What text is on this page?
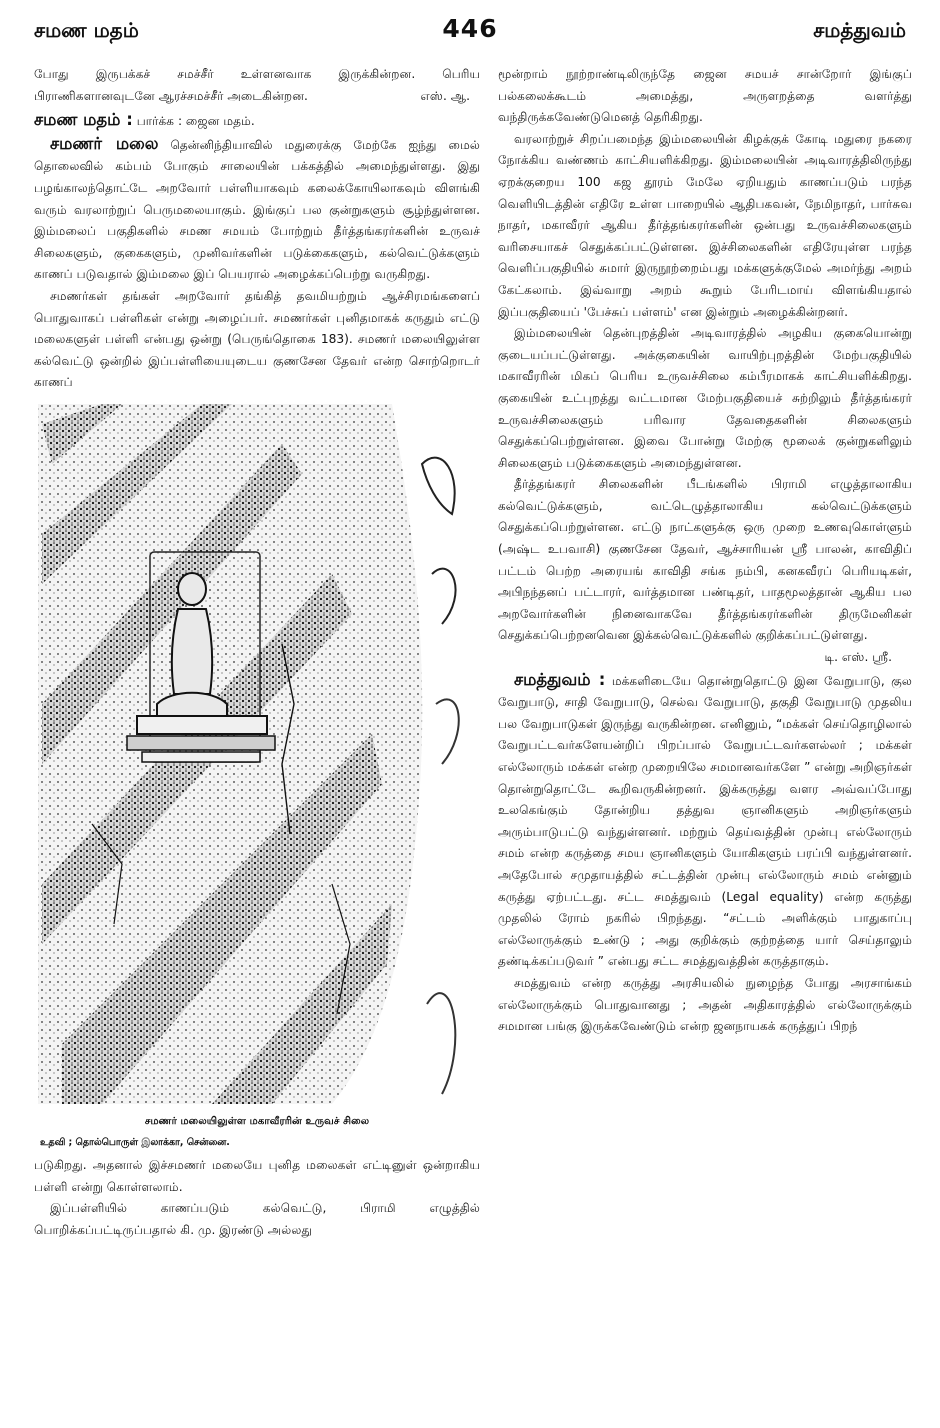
சமண மதம்	446	சமத்துவம்

போது இருபக்கச் சமச்சீர் உள்ளனவாக இருக்கின்றன. பெரிய பிராணிகளானவுடனே ஆரச்சமச்சீர் அடைகின்றன.	எஸ். ஆ.

சமண மதம் : பார்க்க : ஜைன மதம்.

சமணர் மலை தென்னிந்தியாவில் மதுரைக்கு மேற்கே ஐந்து மைல் தொலைவில் கம்பம் போகும் சாலையின் பக்கத்தில் அமைந்துள்ளது. இது பழங்காலந்தொட்டே அறவோர் பள்ளியாகவும் கலைக்கோயிலாகவும் விளங்கி வரும் வரலாற்றுப் பெருமலையாகும். இங்குப் பல குன்றுகளும் சூழ்ந்துள்ளன. இம்மலைப் பகுதிகளில் சமண சமயம் போற்றும் தீர்த்தங்கரர்களின் உருவச் சிலைகளும், குகைகளும், முனிவர்களின் படுக்கைகளும், கல்வெட்டுக்களும் காணப் படுவதால் இம்மலை இப் பெயரால் அழைக்கப்பெற்று வருகிறது.

சமணர்கள் தங்கள் அறவோர் தங்கித் தவமியற்றும் ஆச்சிரமங்களைப் பொதுவாகப் பள்ளிகள் என்று அழைப்பர். சமணர்கள் புனிதமாகக் கருதும் எட்டு மலைகளுள் பள்ளி என்பது ஒன்று (பெருங்தொகை 183). சமணர் மலையிலுள்ள கல்வெட்டு ஒன்றில் இப்பள்ளியையுடைய குணசேன தேவர் என்ற சொற்றொடர் காணப்

சமணர் மலையிலுள்ள மகாவீரரின் உருவச் சிலை
உதவி ; தொல்பொருள் இலாக்கா, சென்னை.

படுகிறது. அதனால் இச்சமணர் மலையே புனித மலைகள் எட்டினுள் ஒன்றாகிய பள்ளி என்று கொள்ளலாம்.

இப்பள்ளியில் காணப்படும் கல்வெட்டு, பிராமி எழுத்தில் பொறிக்கப்பட்டிருப்பதால் கி. மு. இரண்டு அல்லது

மூன்றாம் நூற்றாண்டிலிருந்தே ஜைன சமயச் சான்றோர் இங்குப் பல்கலைக்கூடம் அமைத்து, அருளறத்தை வளர்த்து வந்திருக்கவேண்டுமெனத் தெரிகிறது.

வரலாற்றுச் சிறப்பமைந்த இம்மலையின் கிழக்குக் கோடி மதுரை நகரை நோக்கிய வண்ணம் காட்சியளிக்கிறது. இம்மலையின் அடிவாரத்திலிருந்து ஏறக்குறைய 100 கஜ தூரம் மேலே ஏறியதும் காணப்படும் பரந்த வெளியிடத்தின் எதிரே உள்ள பாறையில் ஆதிபகவன், நேமிநாதர், பார்சுவ நாதர், மகாவீரர் ஆகிய தீர்த்தங்கரர்களின் ஒன்பது உருவச்சிலைகளும் வரிசையாகச் செதுக்கப்பட்டுள்ளன. இச்சிலைகளின் எதிரேயுள்ள பரந்த வெளிப்பகுதியில் சுமார் இருநூற்றைம்பது மக்களுக்குமேல் அமர்ந்து அறம் கேட்கலாம். இவ்வாறு அறம் கூறும் பேரிடமாய் விளங்கியதால் இப்பகுதியைப் 'பேச்சுப் பள்ளம்' என இன்றும் அழைக்கின்றனர்.

இம்மலையின் தென்புறத்தின் அடிவாரத்தில் அழகிய குகையொன்று குடையப்பட்டுள்ளது. அக்குகையின் வாயிற்புறத்தின் மேற்பகுதியில் மகாவீரரின் மிகப் பெரிய உருவச்சிலை கம்பீரமாகக் காட்சியளிக்கிறது. குகையின் உட்புறத்து வட்டமான மேற்பகுதியைச் சுற்றிலும் தீர்த்தங்கரர் உருவச்சிலைகளும் பரிவார தேவதைகளின் சிலைகளும் செதுக்கப்பெற்றுள்ளன. இவை போன்று மேற்கு மூலைக் குன்றுகளிலும் சிலைகளும் படுக்கைகளும் அமைந்துள்ளன.

தீர்த்தங்கரர் சிலைகளின் பீடங்களில் பிராமி எழுத்தாலாகிய கல்வெட்டுக்களும், வட்டெழுத்தாலாகிய கல்வெட்டுக்களும் செதுக்கப்பெற்றுள்ளன. எட்டு நாட்களுக்கு ஒரு முறை உணவுகொள்ளும் (அஷ்ட உபவாசி) குணசேன தேவர், ஆச்சாரியன் ஸ்ரீ பாலன், காவிதிப் பட்டம் பெற்ற அரையங் காவிதி சங்க நம்பி, கனகவீரப் பெரியடிகள், அபிநந்தனப் பட்டாரர், வர்த்தமான பண்டிதர், பாதமூலத்தான் ஆகிய பல அறவோர்களின் நினைவாகவே தீர்த்தங்கரர்களின் திருமேனிகள் செதுக்கப்பெற்றனவென இக்கல்வெட்டுக்களில் குறிக்கப்பட்டுள்ளது.
டி. எஸ். ஸ்ரீ.

சமத்துவம் : மக்களிடையே தொன்றுதொட்டு இன வேறுபாடு, குல வேறுபாடு, சாதி வேறுபாடு, செல்வ வேறுபாடு, தகுதி வேறுபாடு முதலிய பல வேறுபாடுகள் இருந்து வருகின்றன. எனினும், “மக்கள் செய்தொழிலால் வேறுபட்டவர்களேயன்றிப் பிறப்பால் வேறுபட்டவர்களல்லர் ; மக்கள் எல்லோரும் மக்கள் என்ற முறையிலே சமமானவர்களே ” என்று அறிஞர்கள் தொன்றுதொட்டே கூறிவருகின்றனர். இக்கருத்து வளர அவ்வப்போது உலகெங்கும் தோன்றிய தத்துவ ஞானிகளும் அறிஞர்களும் அரும்பாடுபட்டு வந்துள்ளனர். மற்றும் தெய்வத்தின் முன்பு எல்லோரும் சமம் என்ற கருத்தை சமய ஞானிகளும் யோகிகளும் பரப்பி வந்துள்ளனர். அதேபோல் சமுதாயத்தில் சட்டத்தின் முன்பு எல்லோரும் சமம் என்னும் கருத்து ஏற்பட்டது. சட்ட சமத்துவம் (Legal equality) என்ற கருத்து முதலில் ரோம் நகரில் பிறந்தது. “சட்டம் அளிக்கும் பாதுகாப்பு எல்லோருக்கும் உண்டு ; அது குறிக்கும் குற்றத்தை யார் செய்தாலும் தண்டிக்கப்படுவர் ” என்பது சட்ட சமத்துவத்தின் கருத்தாகும்.

சமத்துவம் என்ற கருத்து அரசியலில் நுழைந்த போது அரசாங்கம் எல்லோருக்கும் பொதுவானது ; அதன் அதிகாரத்தில் எல்லோருக்கும் சமமான பங்கு இருக்கவேண்டும் என்ற ஜனநாயகக் கருத்துப் பிறந்
